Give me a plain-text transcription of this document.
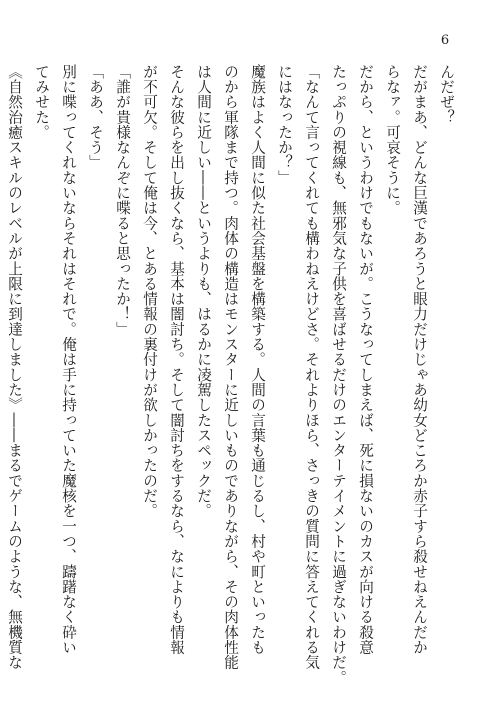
6

んだぜ？

だがまあ、どんな巨漢であろうと眼力だけじゃあ幼女どころか赤子すら殺せねえんだか

らなァ。可哀そうに。

だから、というわけでもないが。こうなってしまえば、死に損ないのカスが向ける殺意

たっぷりの視線も、無邪気な子供を喜ばせるだけのエンターテイメントに過ぎないわけだ。

「なんて言ってくれても構わねえけどさ。それよりほら、さっきの質問に答えてくれる気

にはなったか？」

魔族はよく人間に似た社会基盤を構築する。人間の言葉も通じるし、村や町といったも

のから軍隊まで持つ。肉体の構造はモンスターに近しいものでありながら、その肉体性能

は人間に近しい――というよりも、はるかに凌駕したスペックだ。

そんな彼らを出し抜くなら、基本は闇討ち。そして闇討ちをするなら、なによりも情報

が不可欠。そして俺は今、とある情報の裏付けが欲しかったのだ。

「誰が貴様なんぞに喋ると思ったか！」

「ああ、そう」

別に喋ってくれないならそれはそれで。俺は手に持っていた魔核を一つ、躊躇なく砕い

てみせた。

《自然治癒スキルのレベルが上限に到達しました》――まるでゲームのような、無機質な
